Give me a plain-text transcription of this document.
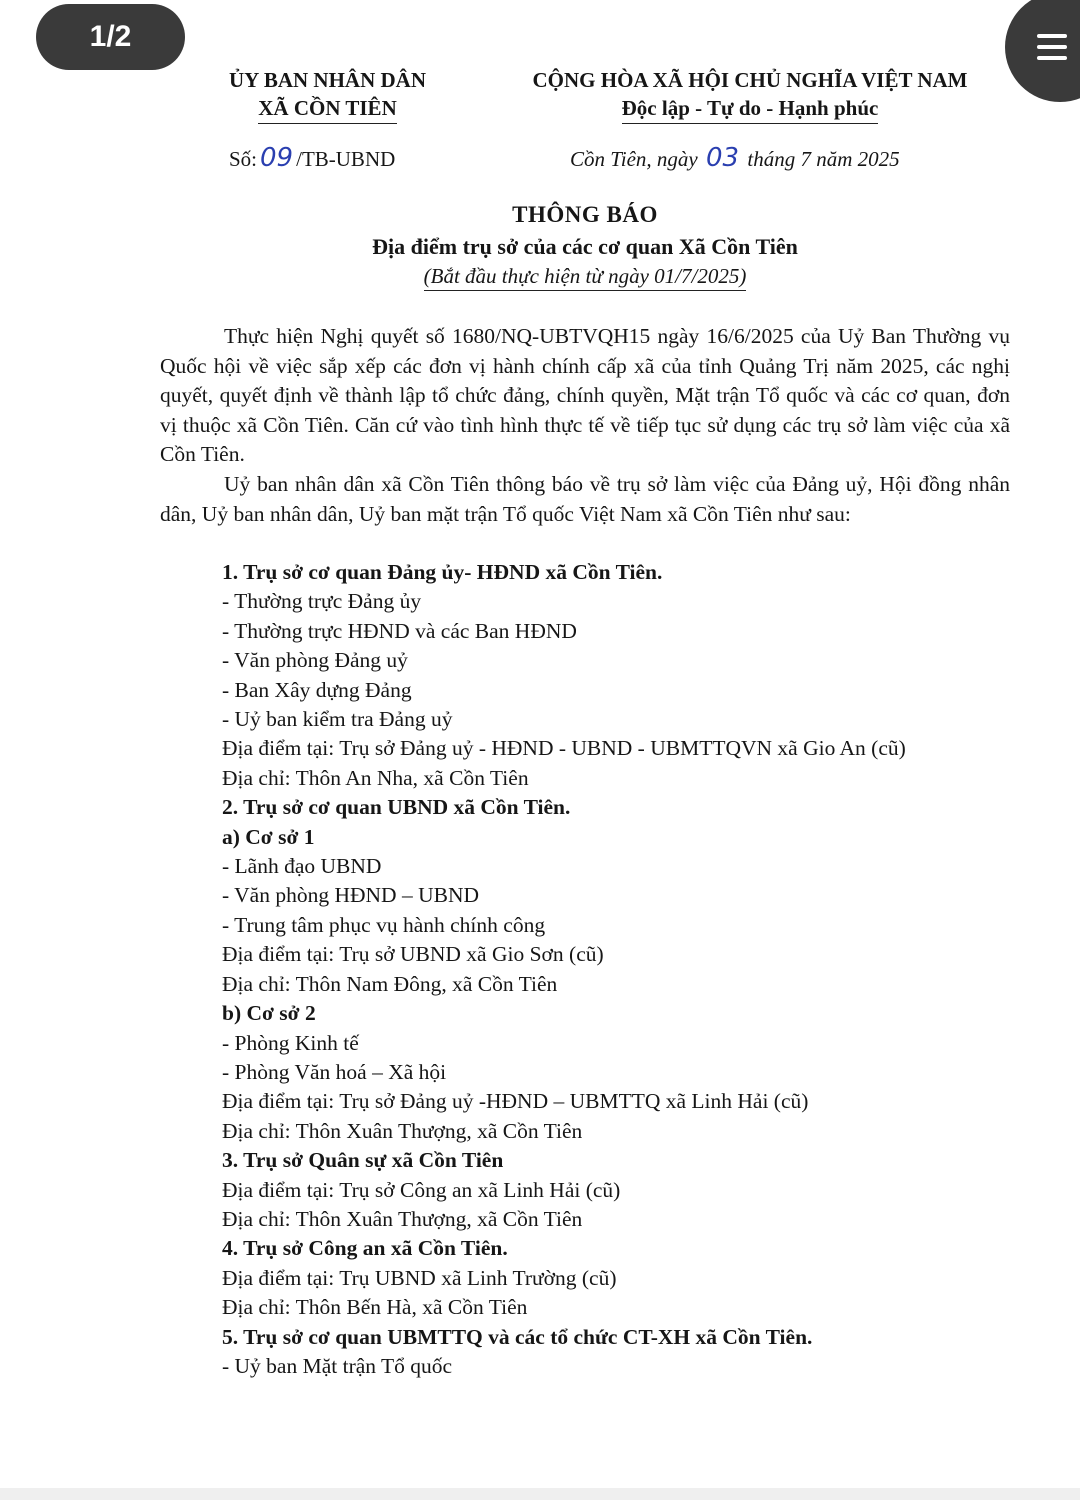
1/2
ỦY BAN NHÂN DÂN
XÃ CỒN TIÊN
CỘNG HÒA XÃ HỘI CHỦ NGHĨA VIỆT NAM
Độc lập - Tự do - Hạnh phúc
Số: 09 /TB-UBND	Cồn Tiên, ngày 03 tháng 7 năm 2025
THÔNG BÁO
Địa điểm trụ sở của các cơ quan Xã Cồn Tiên
(Bắt đầu thực hiện từ ngày 01/7/2025)

Thực hiện Nghị quyết số 1680/NQ-UBTVQH15 ngày 16/6/2025 của Uỷ Ban Thường vụ Quốc hội về việc sắp xếp các đơn vị hành chính cấp xã của tỉnh Quảng Trị năm 2025, các nghị quyết, quyết định về thành lập tổ chức đảng, chính quyền, Mặt trận Tổ quốc và các cơ quan, đơn vị thuộc xã Cồn Tiên. Căn cứ vào tình hình thực tế về tiếp tục sử dụng các trụ sở làm việc của xã Cồn Tiên.

Uỷ ban nhân dân xã Cồn Tiên thông báo về trụ sở làm việc của Đảng uỷ, Hội đồng nhân dân, Uỷ ban nhân dân, Uỷ ban mặt trận Tổ quốc Việt Nam xã Cồn Tiên như sau:

1. Trụ sở cơ quan Đảng ủy- HĐND xã Cồn Tiên.
- Thường trực Đảng ủy
- Thường trực HĐND và các Ban HĐND
- Văn phòng Đảng uỷ
- Ban Xây dựng Đảng
- Uỷ ban kiểm tra Đảng uỷ
Địa điểm tại: Trụ sở Đảng uỷ - HĐND - UBND - UBMTTQVN xã Gio An (cũ)
Địa chỉ: Thôn An Nha, xã Cồn Tiên
2. Trụ sở cơ quan UBND xã Cồn Tiên.
a) Cơ sở 1
- Lãnh đạo UBND
- Văn phòng HĐND – UBND
- Trung tâm phục vụ hành chính công
Địa điểm tại: Trụ sở UBND xã Gio Sơn (cũ)
Địa chỉ: Thôn Nam Đông, xã Cồn Tiên
b) Cơ sở 2
- Phòng Kinh tế
- Phòng Văn hoá – Xã hội
Địa điểm tại: Trụ sở Đảng uỷ -HĐND – UBMTTQ xã Linh Hải (cũ)
Địa chỉ: Thôn Xuân Thượng, xã Cồn Tiên
3. Trụ sở Quân sự xã Cồn Tiên
Địa điểm tại: Trụ sở Công an xã Linh Hải (cũ)
Địa chỉ: Thôn Xuân Thượng, xã Cồn Tiên
4. Trụ sở Công an xã Cồn Tiên.
Địa điểm tại: Trụ UBND xã Linh Trường (cũ)
Địa chỉ: Thôn Bến Hà, xã Cồn Tiên
5. Trụ sở cơ quan UBMTTQ và các tổ chức CT-XH xã Cồn Tiên.
- Uỷ ban Mặt trận Tổ quốc
